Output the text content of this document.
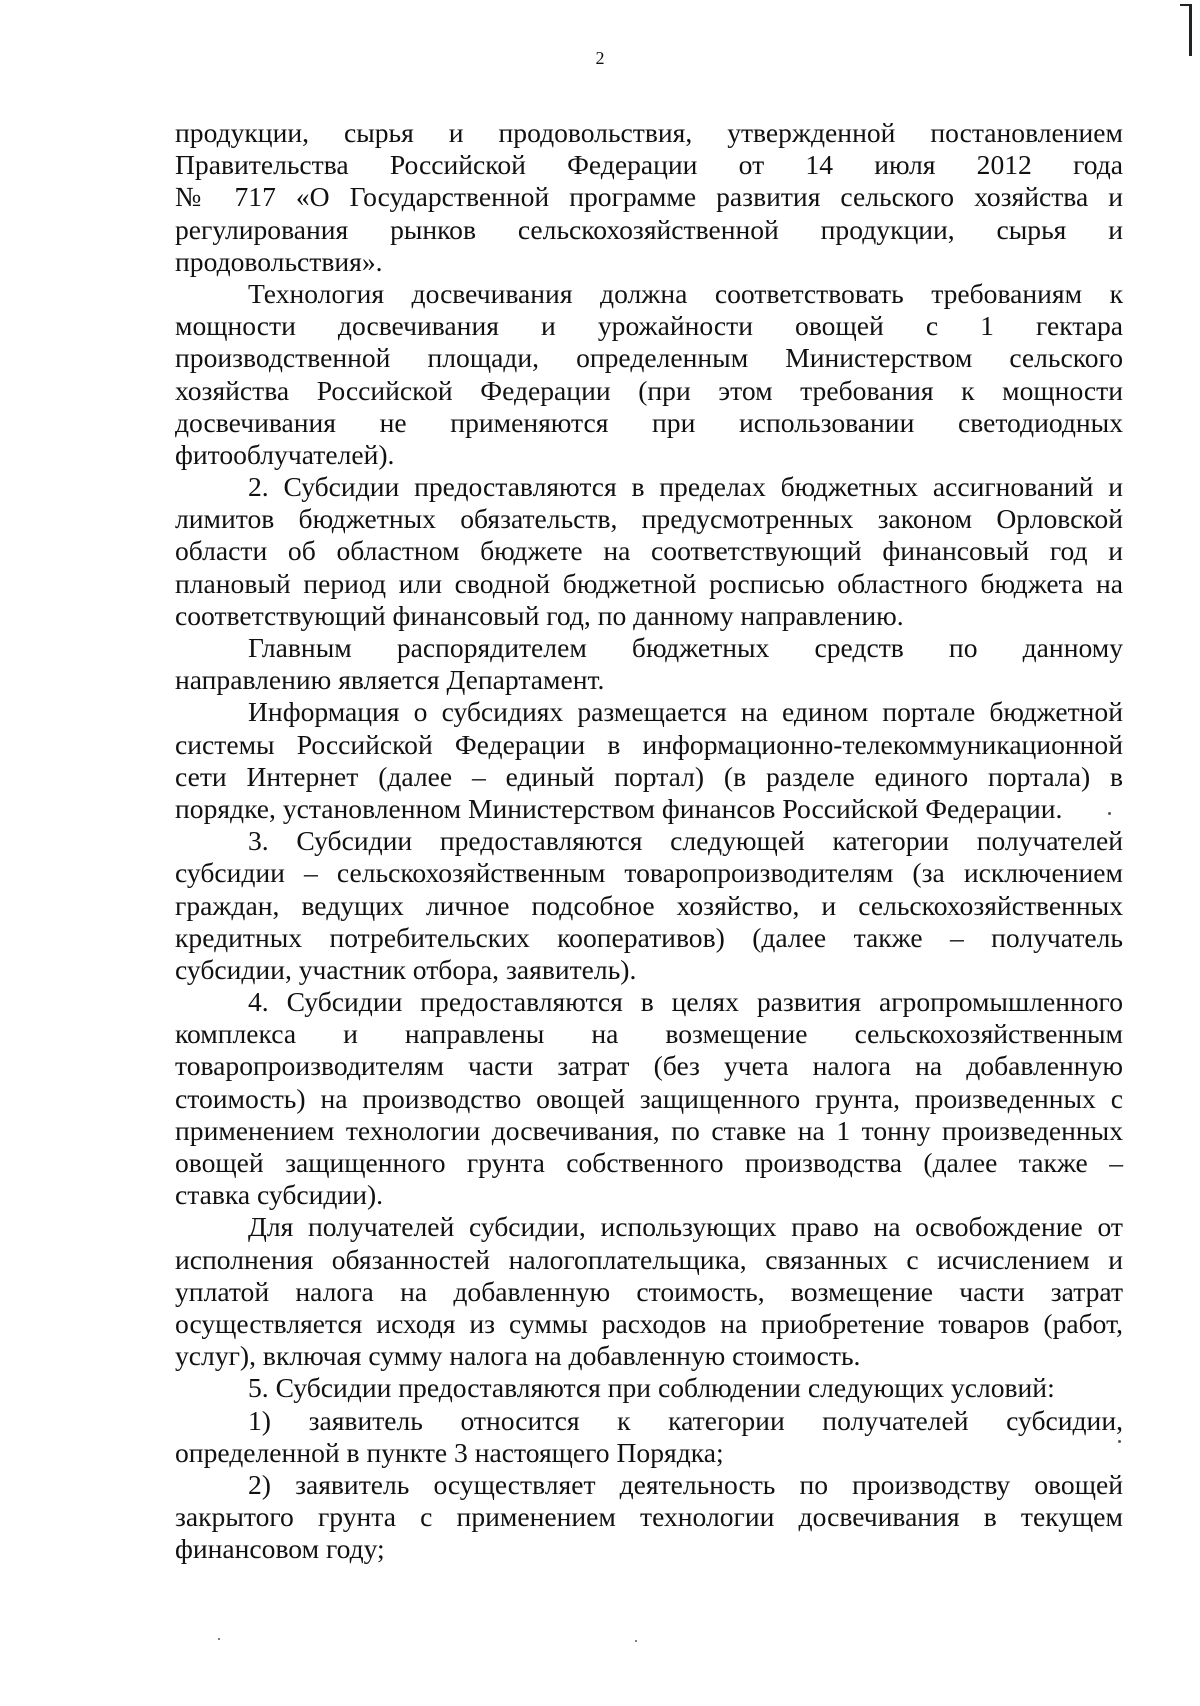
2
продукции, сырья и продовольствия, утвержденной постановлением
Правительства Российской Федерации от 14 июля 2012 года
№ 717 «О Государственной программе развития сельского хозяйства и
регулирования рынков сельскохозяйственной продукции, сырья и
продовольствия».
Технология досвечивания должна соответствовать требованиям к
мощности досвечивания и урожайности овощей с 1 гектара
производственной площади, определенным Министерством сельского
хозяйства Российской Федерации (при этом требования к мощности
досвечивания не применяются при использовании светодиодных
фитооблучателей).
2. Субсидии предоставляются в пределах бюджетных ассигнований и
лимитов бюджетных обязательств, предусмотренных законом Орловской
области об областном бюджете на соответствующий финансовый год и
плановый период или сводной бюджетной росписью областного бюджета на
соответствующий финансовый год, по данному направлению.
Главным распорядителем бюджетных средств по данному
направлению является Департамент.
Информация о субсидиях размещается на едином портале бюджетной
системы Российской Федерации в информационно-телекоммуникационной
сети Интернет (далее – единый портал) (в разделе единого портала) в
порядке, установленном Министерством финансов Российской Федерации.
3. Субсидии предоставляются следующей категории получателей
субсидии – сельскохозяйственным товаропроизводителям (за исключением
граждан, ведущих личное подсобное хозяйство, и сельскохозяйственных
кредитных потребительских кооперативов) (далее также – получатель
субсидии, участник отбора, заявитель).
4. Субсидии предоставляются в целях развития агропромышленного
комплекса и направлены на возмещение сельскохозяйственным
товаропроизводителям части затрат (без учета налога на добавленную
стоимость) на производство овощей защищенного грунта, произведенных с
применением технологии досвечивания, по ставке на 1 тонну произведенных
овощей защищенного грунта собственного производства (далее также –
ставка субсидии).
Для получателей субсидии, использующих право на освобождение от
исполнения обязанностей налогоплательщика, связанных с исчислением и
уплатой налога на добавленную стоимость, возмещение части затрат
осуществляется исходя из суммы расходов на приобретение товаров (работ,
услуг), включая сумму налога на добавленную стоимость.
5. Субсидии предоставляются при соблюдении следующих условий:
1) заявитель относится к категории получателей субсидии,
определенной в пункте 3 настоящего Порядка;
2) заявитель осуществляет деятельность по производству овощей
закрытого грунта с применением технологии досвечивания в текущем
финансовом году;
